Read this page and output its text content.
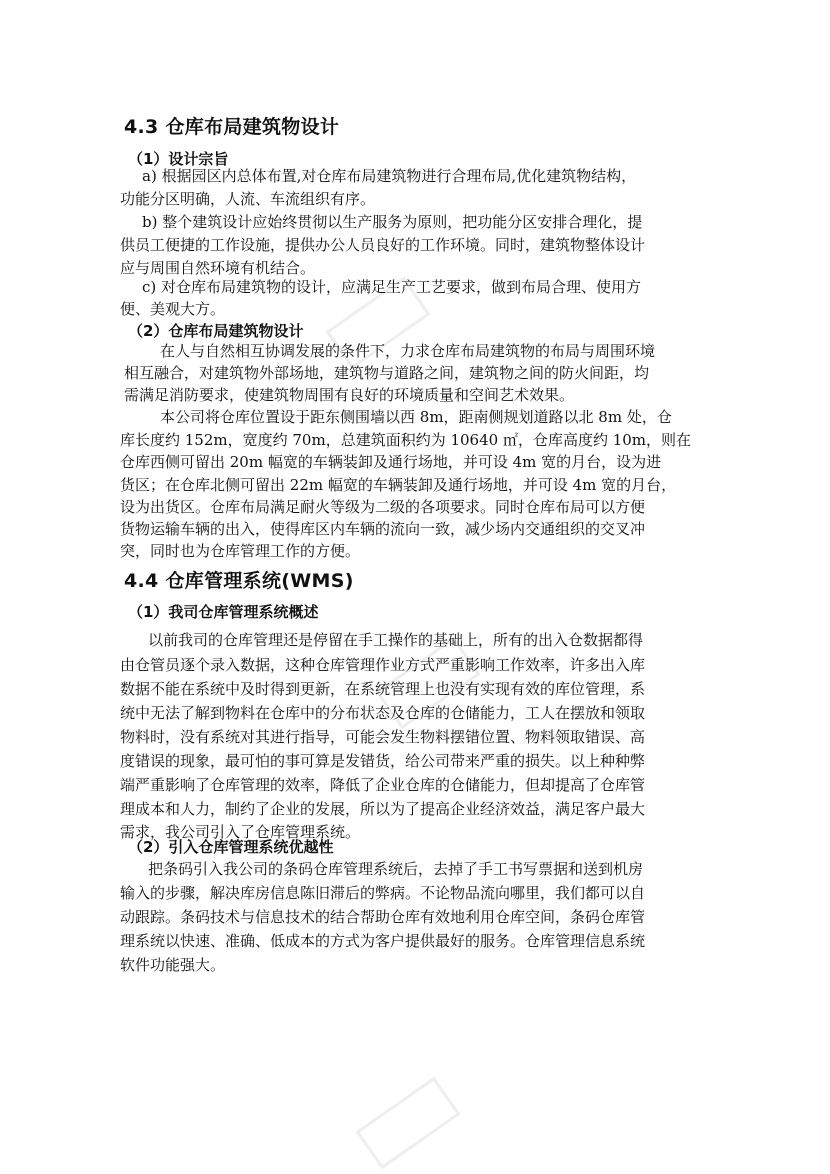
4.3 仓库布局建筑物设计
（1）设计宗旨
a) 根据园区内总体布置,对仓库布局建筑物进行合理布局,优化建筑物结构，
功能分区明确，人流、车流组织有序。
b) 整个建筑设计应始终贯彻以生产服务为原则，把功能分区安排合理化，提
供员工便捷的工作设施，提供办公人员良好的工作环境。同时，建筑物整体设计
应与周围自然环境有机结合。
c) 对仓库布局建筑物的设计，应满足生产工艺要求，做到布局合理、使用方
便、美观大方。
（2）仓库布局建筑物设计
在人与自然相互协调发展的条件下，力求仓库布局建筑物的布局与周围环境
相互融合，对建筑物外部场地，建筑物与道路之间，建筑物之间的防火间距，均
需满足消防要求，使建筑物周围有良好的环境质量和空间艺术效果。
本公司将仓库位置设于距东侧围墙以西 8m，距南侧规划道路以北 8m 处，仓
库长度约 152m，宽度约 70m，总建筑面积约为 10640 ㎡，仓库高度约 10m，则在
仓库西侧可留出 20m 幅宽的车辆装卸及通行场地，并可设 4m 宽的月台，设为进
货区；在仓库北侧可留出 22m 幅宽的车辆装卸及通行场地，并可设 4m 宽的月台，
设为出货区。仓库布局满足耐火等级为二级的各项要求。同时仓库布局可以方便
货物运输车辆的出入，使得库区内车辆的流向一致，减少场内交通组织的交叉冲
突，同时也为仓库管理工作的方便。
4.4 仓库管理系统(WMS)
（1）我司仓库管理系统概述
以前我司的仓库管理还是停留在手工操作的基础上，所有的出入仓数据都得
由仓管员逐个录入数据，这种仓库管理作业方式严重影响工作效率，许多出入库
数据不能在系统中及时得到更新，在系统管理上也没有实现有效的库位管理，系
统中无法了解到物料在仓库中的分布状态及仓库的仓储能力，工人在摆放和领取
物料时，没有系统对其进行指导，可能会发生物料摆错位置、物料领取错误、高
度错误的现象，最可怕的事可算是发错货，给公司带来严重的损失。以上种种弊
端严重影响了仓库管理的效率，降低了企业仓库的仓储能力，但却提高了仓库管
理成本和人力，制约了企业的发展，所以为了提高企业经济效益，满足客户最大
需求，我公司引入了仓库管理系统。
（2）引入仓库管理系统优越性
把条码引入我公司的条码仓库管理系统后，去掉了手工书写票据和送到机房
输入的步骤，解决库房信息陈旧滞后的弊病。不论物品流向哪里，我们都可以自
动跟踪。条码技术与信息技术的结合帮助仓库有效地利用仓库空间，条码仓库管
理系统以快速、准确、低成本的方式为客户提供最好的服务。仓库管理信息系统
软件功能强大。
